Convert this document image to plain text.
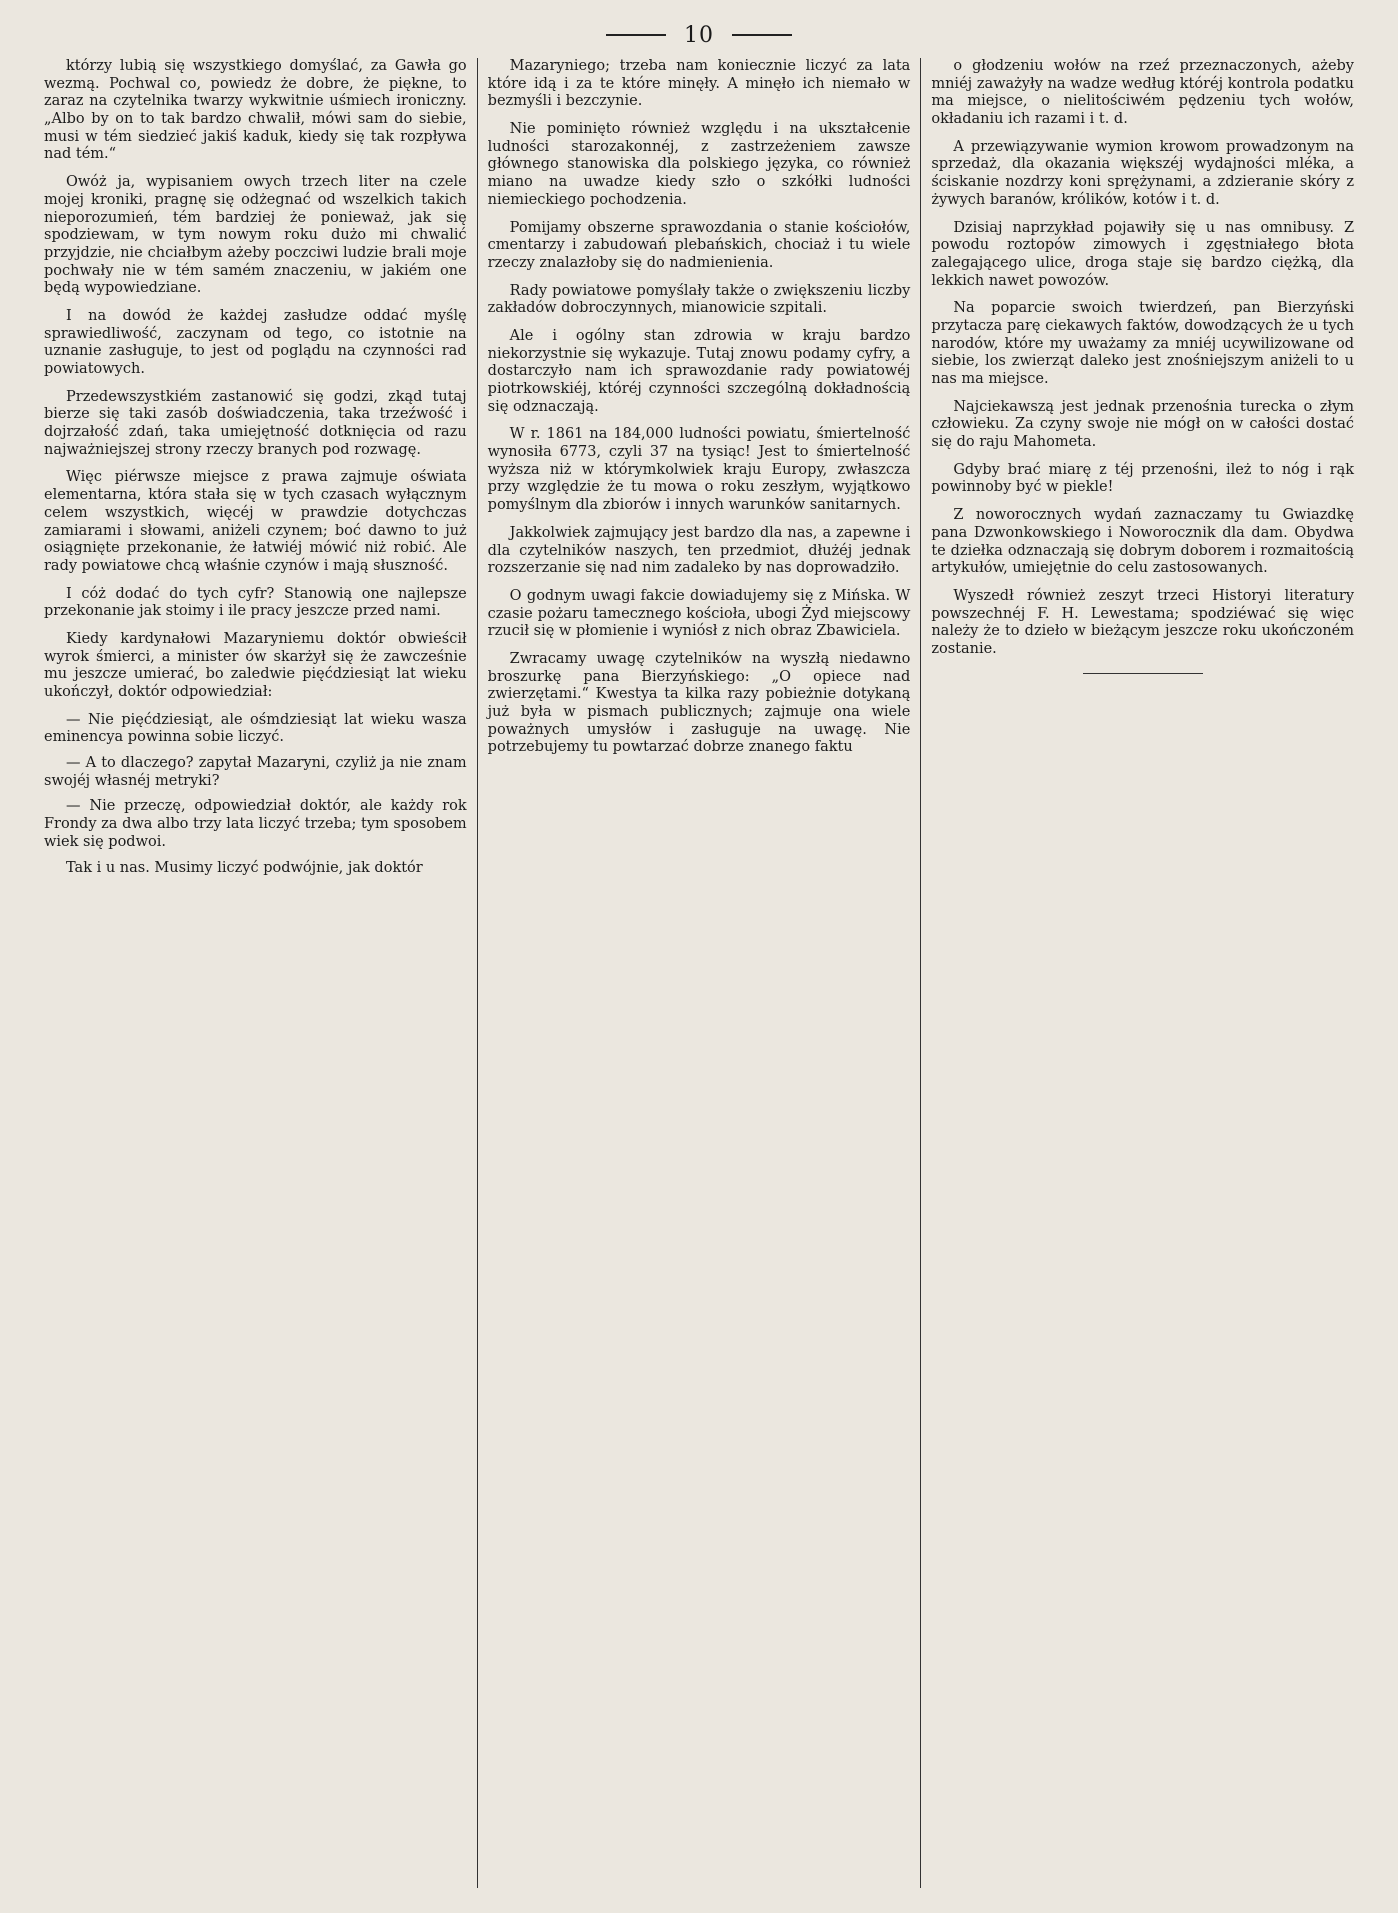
10

którzy lubią się wszystkiego domyślać, za Gawła go wezmą. Pochwal co, powiedz że dobre, że piękne, to zaraz na czytelnika twarzy wykwitnie uśmiech ironiczny. „Albo by on to tak bardzo chwalił, mówi sam do siebie, musi w tém siedzieć jakiś kaduk, kiedy się tak rozpływa nad tém.“

Owóż ja, wypisaniem owych trzech liter na czele mojej kroniki, pragnę się odżegnać od wszelkich takich nieporozumień, tém bardziej że ponieważ, jak się spodziewam, w tym nowym roku dużo mi chwalić przyjdzie, nie chciałbym ażeby poczciwi ludzie brali moje pochwały nie w tém samém znaczeniu, w jakiém one będą wypowiedziane.

I na dowód że każdej zasłudze oddać myślę sprawiedliwość, zaczynam od tego, co istotnie na uznanie zasługuje, to jest od poglądu na czynności rad powiatowych.

Przedewszystkiém zastanowić się godzi, zkąd tutaj bierze się taki zasób doświadczenia, taka trzeźwość i dojrzałość zdań, taka umiejętność dotknięcia od razu najważniejszej strony rzeczy branych pod rozwagę.

Więc piérwsze miejsce z prawa zajmuje oświata elementarna, która stała się w tych czasach wyłącznym celem wszystkich, więcéj w prawdzie dotychczas zamiarami i słowami, aniżeli czynem; boć dawno to już osiągnięte przekonanie, że łatwiéj mówić niż robić. Ale rady powiatowe chcą właśnie czynów i mają słuszność.

I cóż dodać do tych cyfr? Stanowią one najlepsze przekonanie jak stoimy i ile pracy jeszcze przed nami.

Kiedy kardynałowi Mazaryniemu doktór obwieścił wyrok śmierci, a minister ów skarżył się że zawcześnie mu jeszcze umierać, bo zaledwie pięćdziesiąt lat wieku ukończył, doktór odpowiedział:

— Nie pięćdziesiąt, ale ośmdziesiąt lat wieku wasza eminencya powinna sobie liczyć.

— A to dlaczego? zapytał Mazaryni, czyliż ja nie znam swojéj własnéj metryki?

— Nie przeczę, odpowiedział doktór, ale każdy rok Frondy za dwa albo trzy lata liczyć trzeba; tym sposobem wiek się podwoi.

Tak i u nas. Musimy liczyć podwójnie, jak doktór

Mazaryniego; trzeba nam koniecznie liczyć za lata które idą i za te które minęły. A minęło ich niemało w bezmyśli i bezczynie.

Nie pominięto również względu i na ukształcenie ludności starozakonnéj, z zastrzeżeniem zawsze głównego stanowiska dla polskiego języka, co również miano na uwadze kiedy szło o szkółki ludności niemieckiego pochodzenia.

Pomijamy obszerne sprawozdania o stanie kościołów, cmentarzy i zabudowań plebańskich, chociaż i tu wiele rzeczy znalazłoby się do nadmienienia.

Rady powiatowe pomyślały także o zwiększeniu liczby zakładów dobroczynnych, mianowicie szpitali.

Ale i ogólny stan zdrowia w kraju bardzo niekorzystnie się wykazuje. Tutaj znowu podamy cyfry, a dostarczyło nam ich sprawozdanie rady powiatowéj piotrkowskiéj, któréj czynności szczególną dokładnością się odznaczają.

W r. 1861 na 184,000 ludności powiatu, śmiertelność wynosiła 6773, czyli 37 na tysiąc! Jest to śmiertelność wyższa niż w którymkolwiek kraju Europy, zwłaszcza przy względzie że tu mowa o roku zeszłym, wyjątkowo pomyślnym dla zbiorów i innych warunków sanitarnych.

Jakkolwiek zajmujący jest bardzo dla nas, a zapewne i dla czytelników naszych, ten przedmiot, dłużéj jednak rozszerzanie się nad nim zadaleko by nas doprowadziło.

O godnym uwagi fakcie dowiadujemy się z Mińska. W czasie pożaru tamecznego kościoła, ubogi Żyd miejscowy rzucił się w płomienie i wyniósł z nich obraz Zbawiciela.

Zwracamy uwagę czytelników na wyszłą niedawno broszurkę pana Bierzyńskiego: „O opiece nad zwierzętami.“ Kwestya ta kilka razy pobieżnie dotykaną już była w pismach publicznych; zajmuje ona wiele poważnych umysłów i zasługuje na uwagę. Nie potrzebujemy tu powtarzać dobrze znanego faktu

o głodzeniu wołów na rzeź przeznaczonych, ażeby mniéj zaważyły na wadze według któréj kontrola podatku ma miejsce, o nielitościwém pędzeniu tych wołów, okładaniu ich razami i t. d.

A przewiązywanie wymion krowom prowadzonym na sprzedaż, dla okazania większéj wydajności mléka, a ściskanie nozdrzy koni sprężynami, a zdzieranie skóry z żywych baranów, królików, kotów i t. d.

Dzisiaj naprzykład pojawiły się u nas omnibusy. Z powodu roztopów zimowych i zgęstniałego błota zalegającego ulice, droga staje się bardzo ciężką, dla lekkich nawet powozów.

Na poparcie swoich twierdzeń, pan Bierzyński przytacza parę ciekawych faktów, dowodzących że u tych narodów, które my uważamy za mniéj ucywilizowane od siebie, los zwierząt daleko jest znośniejszym aniżeli to u nas ma miejsce.

Najciekawszą jest jednak przenośnia turecka o złym człowieku. Za czyny swoje nie mógł on w całości dostać się do raju Mahometa.

Gdyby brać miarę z téj przenośni, ileż to nóg i rąk powinnoby być w piekle!

Z noworocznych wydań zaznaczamy tu Gwiazdkę pana Dzwonkowskiego i Noworocznik dla dam. Obydwa te dziełka odznaczają się dobrym doborem i rozmaitością artykułów, umiejętnie do celu zastosowanych.

Wyszedł również zeszyt trzeci Historyi literatury powszechnéj F. H. Lewestama; spodziéwać się więc należy że to dzieło w bieżącym jeszcze roku ukończoném zostanie.
